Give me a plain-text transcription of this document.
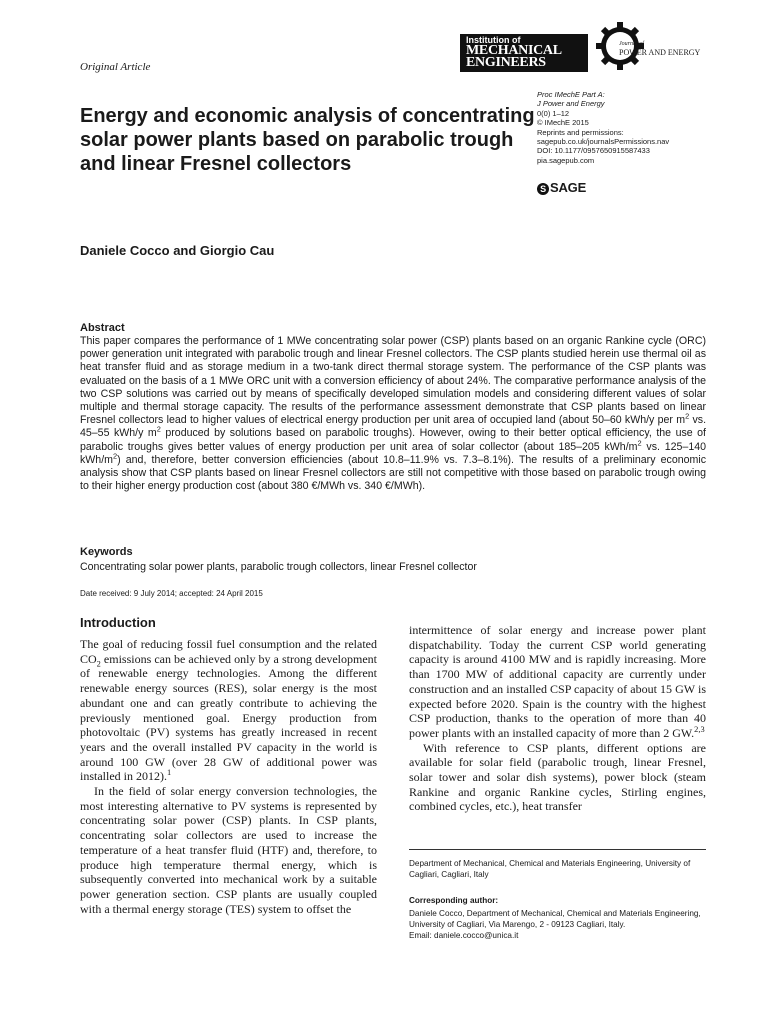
Original Article
Institution of
MECHANICAL
ENGINEERS
Journal of
POWER AND ENERGY
Energy and economic analysis of concentrating solar power plants based on parabolic trough and linear Fresnel collectors
Proc IMechE Part A:
J Power and Energy
0(0) 1–12
© IMechE 2015
Reprints and permissions:
sagepub.co.uk/journalsPermissions.nav
DOI: 10.1177/0957650915587433
pia.sagepub.com
S SAGE
Daniele Cocco and Giorgio Cau
Abstract
This paper compares the performance of 1 MWe concentrating solar power (CSP) plants based on an organic Rankine cycle (ORC) power generation unit integrated with parabolic trough and linear Fresnel collectors. The CSP plants studied herein use thermal oil as heat transfer fluid and as storage medium in a two-tank direct thermal storage system. The performance of the CSP plants was evaluated on the basis of a 1 MWe ORC unit with a conversion efficiency of about 24%. The comparative performance analysis of the two CSP solutions was carried out by means of specifically developed simulation models and considering different values of solar multiple and thermal storage capacity. The results of the performance assessment demonstrate that CSP plants based on linear Fresnel collectors lead to higher values of electrical energy production per unit area of occupied land (about 50–60 kWh/y per $m^2$ vs. 45–55 kWh/y $m^2$ produced by solutions based on parabolic troughs). However, owing to their better optical efficiency, the use of parabolic troughs gives better values of energy production per unit area of solar collector (about 185–205 kWh/$m^2$ vs. 125–140 kWh/$m^2$) and, therefore, better conversion efficiencies (about 10.8–11.9% vs. 7.3–8.1%). The results of a preliminary economic analysis show that CSP plants based on linear Fresnel collectors are still not competitive with those based on parabolic trough owing to their higher energy production cost (about 380 €/MWh vs. 340 €/MWh).
Keywords
Concentrating solar power plants, parabolic trough collectors, linear Fresnel collector
Date received: 9 July 2014; accepted: 24 April 2015
Introduction

The goal of reducing fossil fuel consumption and the related $CO_2$ emissions can be achieved only by a strong development of renewable energy technologies. Among the different renewable energy sources (RES), solar energy is the most abundant one and can greatly contribute to achieving the previously mentioned goal. Energy production from photovoltaic (PV) systems has greatly increased in recent years and the overall installed PV capacity in the world is around 100 GW (over 28 GW of additional power was installed in 2012).$^1$

In the field of solar energy conversion technologies, the most interesting alternative to PV systems is represented by concentrating solar power (CSP) plants. In CSP plants, concentrating solar collectors are used to increase the temperature of a heat transfer fluid (HTF) and, therefore, to produce high temperature thermal energy, which is subsequently converted into mechanical work by a suitable power generation section. CSP plants are usually coupled with a thermal energy storage (TES) system to offset the

intermittence of solar energy and increase power plant dispatchability. Today the current CSP world generating capacity is around 4100 MW and is rapidly increasing. More than 1700 MW of additional capacity are currently under construction and an installed CSP capacity of about 15 GW is expected before 2020. Spain is the country with the highest CSP production, thanks to the operation of more than 40 power plants with an installed capacity of more than 2 GW.$^{2,3}$

With reference to CSP plants, different options are available for solar field (parabolic trough, linear Fresnel, solar tower and solar dish systems), power block (steam Rankine and organic Rankine cycles, Stirling engines, combined cycles, etc.), heat transfer

Department of Mechanical, Chemical and Materials Engineering, University of Cagliari, Cagliari, Italy
Corresponding author:
Daniele Cocco, Department of Mechanical, Chemical and Materials Engineering, University of Cagliari, Via Marengo, 2 - 09123 Cagliari, Italy.
Email: daniele.cocco@unica.it
